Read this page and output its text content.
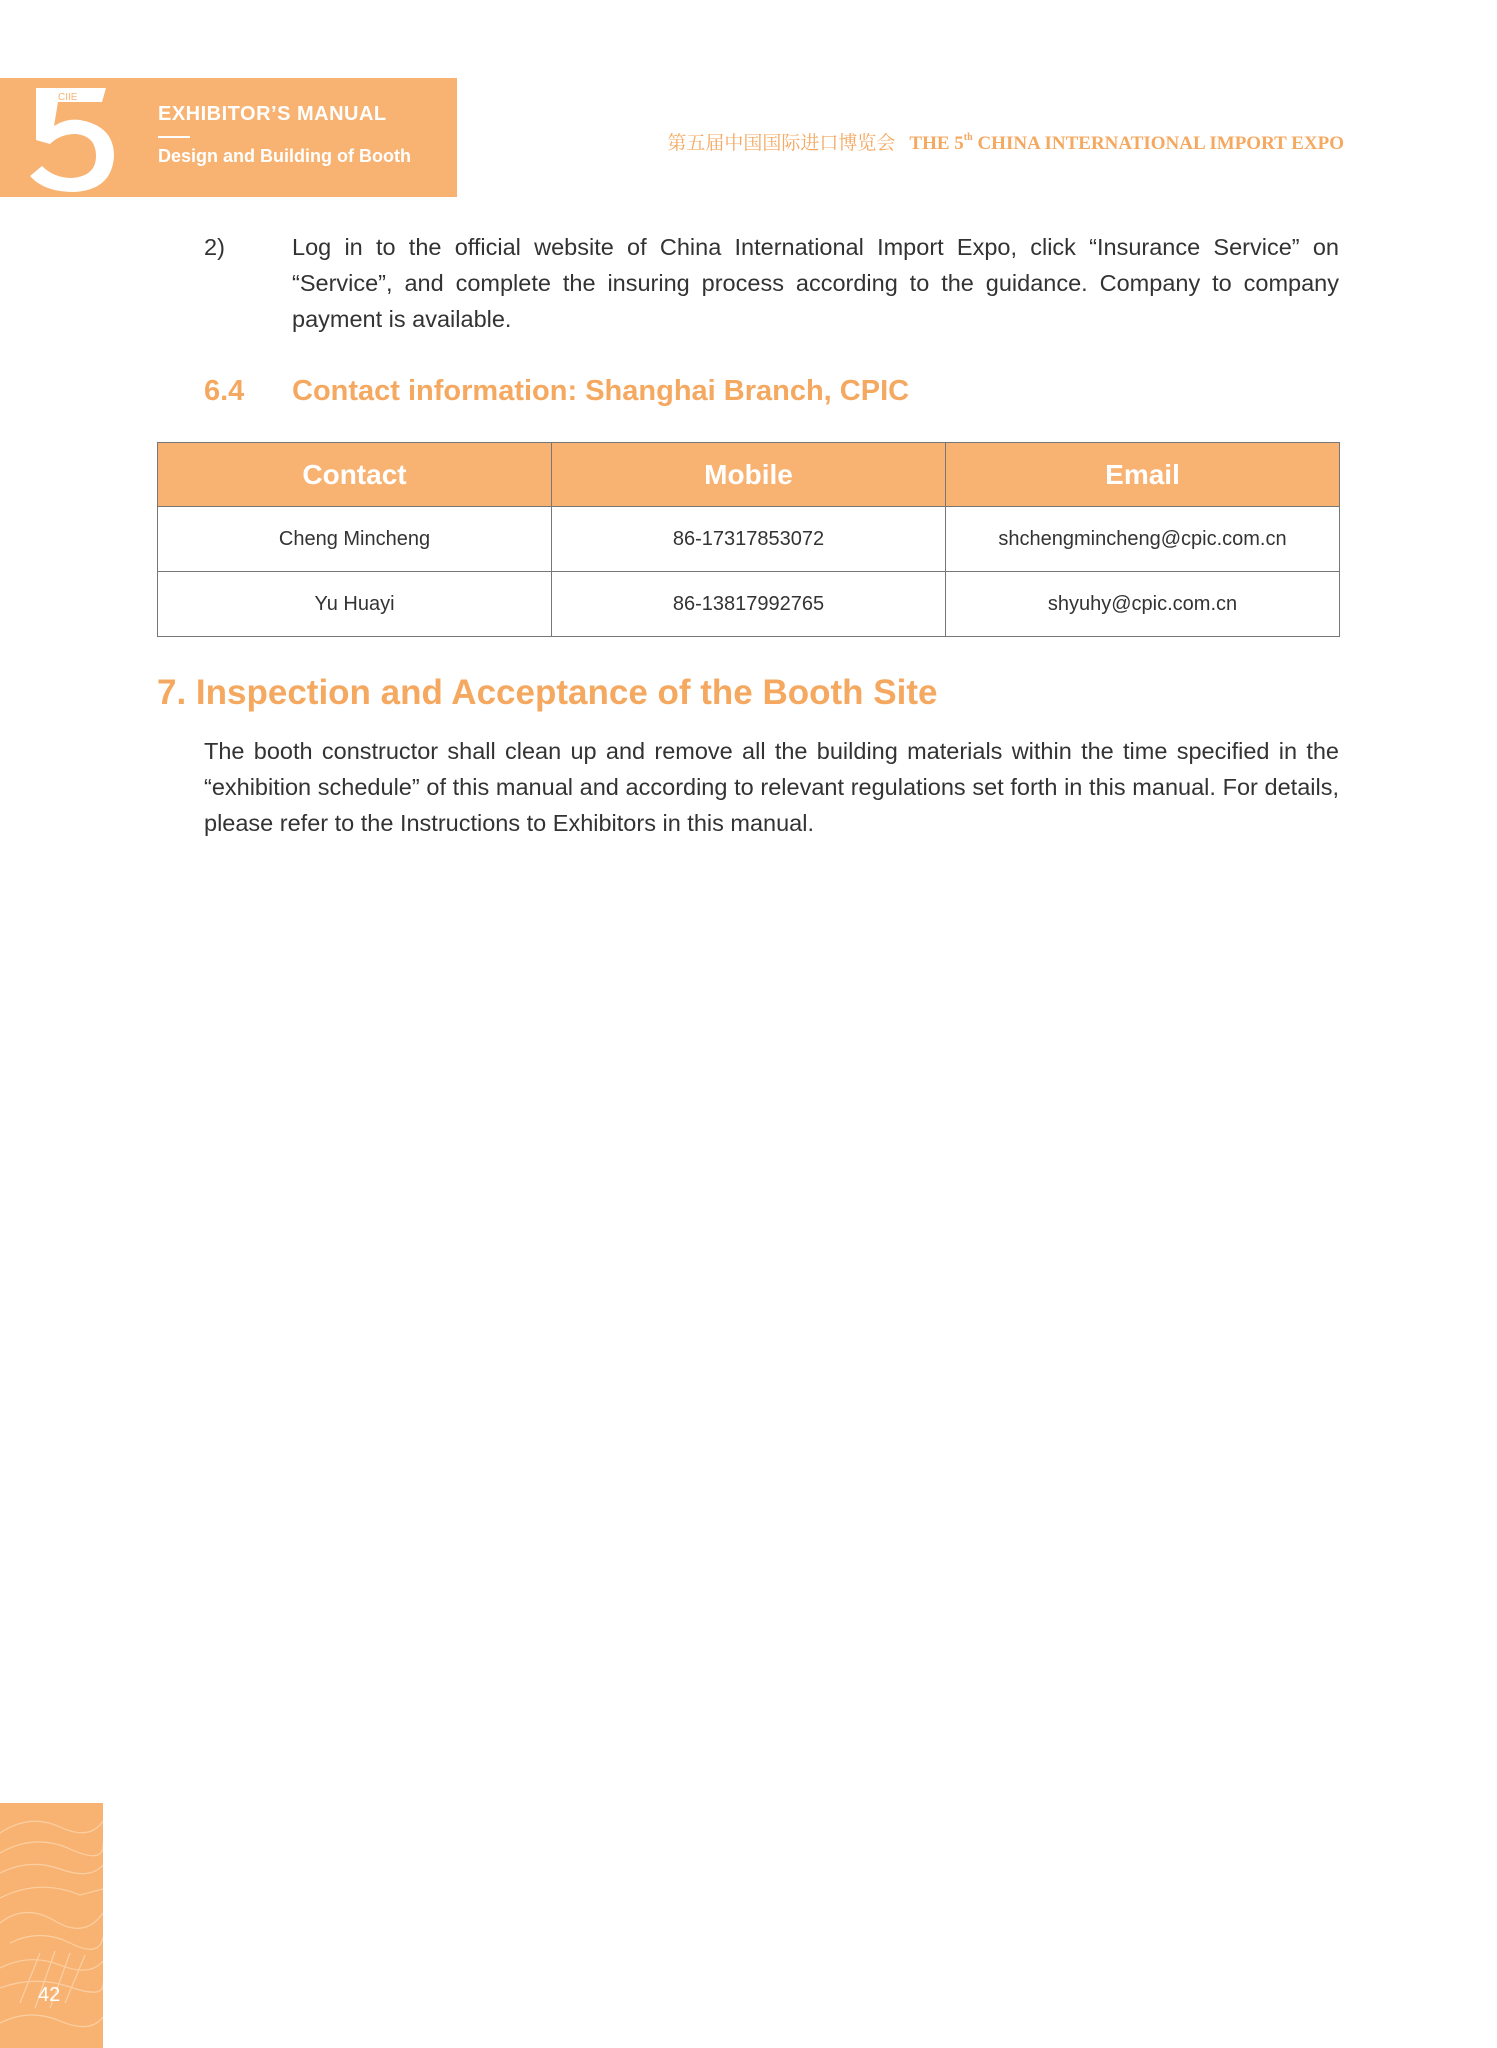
CIIE
EXHIBITOR’S MANUAL
Design and Building of Booth
第五届中国国际进口博览会 THE 5th CHINA INTERNATIONAL IMPORT EXPO
2)	Log in to the official website of China International Import Expo, click “Insurance Service” on “Service”, and complete the insuring process according to the guidance. Company to company payment is available.
6.4 Contact information: Shanghai Branch, CPIC
Contact	Mobile	Email
Cheng Mincheng	86-17317853072	shchengmincheng@cpic.com.cn
Yu Huayi	86-13817992765	shyuhy@cpic.com.cn
7. Inspection and Acceptance of the Booth Site
The booth constructor shall clean up and remove all the building materials within the time specified in the “exhibition schedule” of this manual and according to relevant regulations set forth in this manual. For details, please refer to the Instructions to Exhibitors in this manual.
42
